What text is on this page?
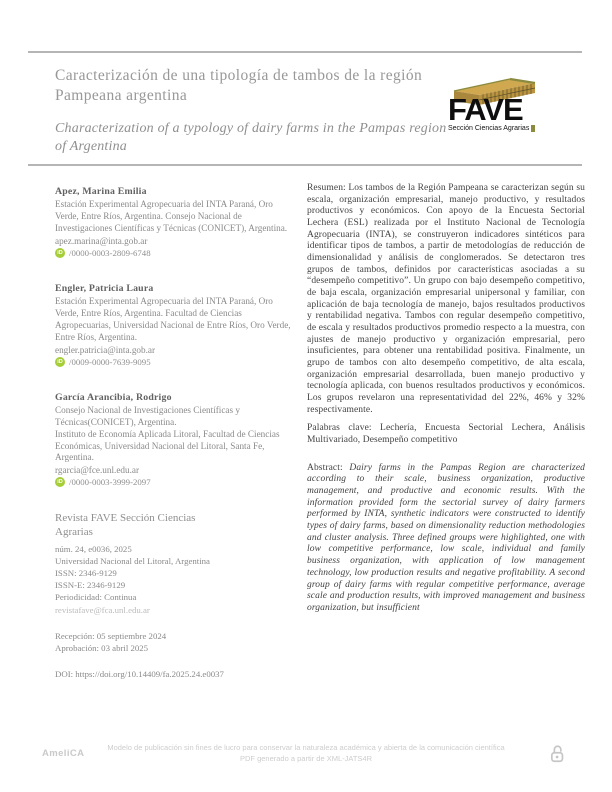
Caracterización de una tipología de tambos de la región Pampeana argentina	FAVE
Sección Ciencias Agrarias
Characterization of a typology of dairy farms in the Pampas region of Argentina
Apez, Marina Emilia
Estación Experimental Agropecuaria del INTA Paraná, Oro Verde, Entre Ríos, Argentina. Consejo Nacional de Investigaciones Científicas y Técnicas (CONICET), Argentina.
apez.marina@inta.gob.ar
iD /0000-0003-2809-6748
Engler, Patricia Laura
Estación Experimental Agropecuaria del INTA Paraná, Oro Verde, Entre Ríos, Argentina. Facultad de Ciencias Agropecuarias, Universidad Nacional de Entre Ríos, Oro Verde, Entre Ríos, Argentina.
engler.patricia@inta.gob.ar
iD /0009-0000-7639-9095
García Arancibia, Rodrigo
Consejo Nacional de Investigaciones Científicas y Técnicas(CONICET), Argentina.
Instituto de Economía Aplicada Litoral, Facultad de Ciencias Económicas, Universidad Nacional del Litoral, Santa Fe, Argentina.
rgarcia@fce.unl.edu.ar
iD /0000-0003-3999-2097
Revista FAVE Sección Ciencias Agrarias
núm. 24, e0036, 2025
Universidad Nacional del Litoral, Argentina
ISSN: 2346-9129
ISSN-E: 2346-9129
Periodicidad: Continua
revistafave@fca.unl.edu.ar
Recepción: 05 septiembre 2024
Aprobación: 03 abril 2025
DOI: https://doi.org/10.14409/fa.2025.24.e0037

Resumen: Los tambos de la Región Pampeana se caracterizan según su escala, organización empresarial, manejo productivo, y resultados productivos y económicos. Con apoyo de la Encuesta Sectorial Lechera (ESL) realizada por el Instituto Nacional de Tecnología Agropecuaria (INTA), se construyeron indicadores sintéticos para identificar tipos de tambos, a partir de metodologías de reducción de dimensionalidad y análisis de conglomerados. Se detectaron tres grupos de tambos, definidos por características asociadas a su “desempeño competitivo”. Un grupo con bajo desempeño competitivo, de baja escala, organización empresarial unipersonal y familiar, con aplicación de baja tecnología de manejo, bajos resultados productivos y rentabilidad negativa. Tambos con regular desempeño competitivo, de escala y resultados productivos promedio respecto a la muestra, con ajustes de manejo productivo y organización empresarial, pero insuficientes, para obtener una rentabilidad positiva. Finalmente, un grupo de tambos con alto desempeño competitivo, de alta escala, organización empresarial desarrollada, buen manejo productivo y tecnología aplicada, con buenos resultados productivos y económicos. Los grupos revelaron una representatividad del 22%, 46% y 32% respectivamente.

Palabras clave: Lechería, Encuesta Sectorial Lechera, Análisis Multivariado, Desempeño competitivo

Abstract: Dairy farms in the Pampas Region are characterized according to their scale, business organization, productive management, and productive and economic results. With the information provided form the sectorial survey of dairy farmers performed by INTA, synthetic indicators were constructed to identify types of dairy farms, based on dimensionality reduction methodologies and cluster analysis. Three defined groups were highlighted, one with low competitive performance, low scale, individual and family business organization, with application of low management technology, low production results and negative profitability. A second group of dairy farms with regular competitive performance, average scale and production results, with improved management and business organization, but insufficient

AmeliCA
Modelo de publicación sin fines de lucro para conservar la naturaleza académica y abierta de la comunicación científica
PDF generado a partir de XML-JATS4R
